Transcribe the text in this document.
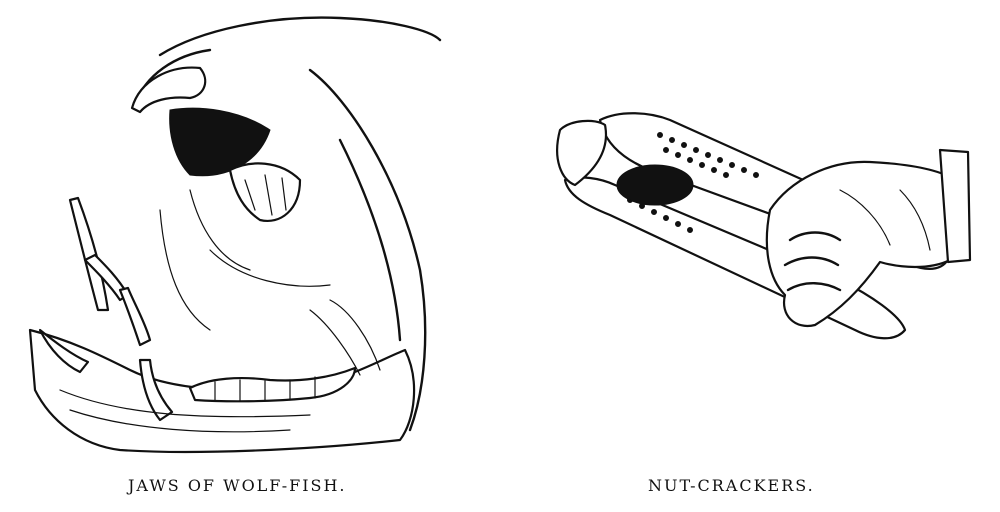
JAWS OF WOLF-FISH.	NUT-CRACKERS.
